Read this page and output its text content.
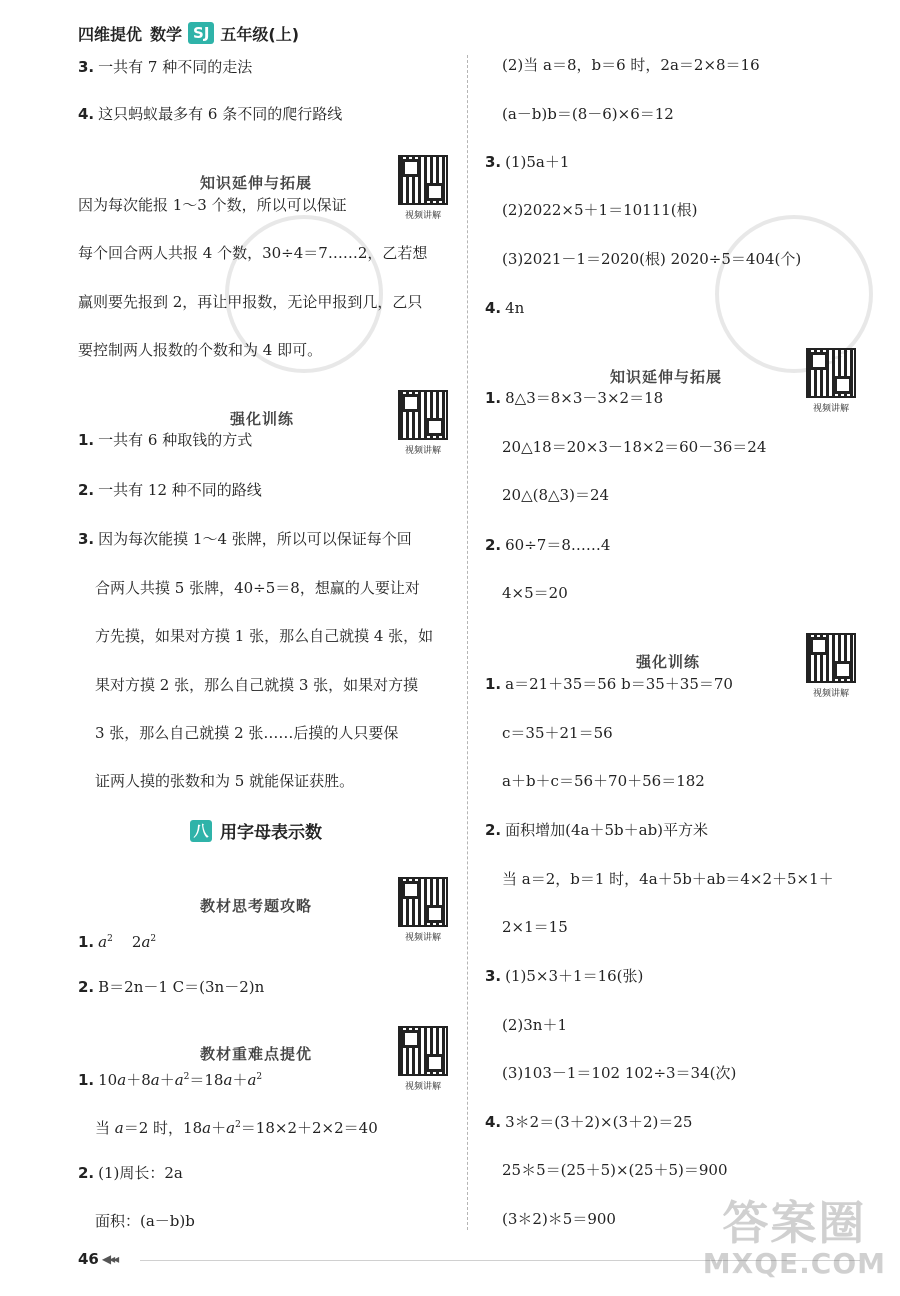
四维提优 数学 SJ 五年级(上)
3. 一共有 7 种不同的走法
4. 这只蚂蚁最多有 6 条不同的爬行路线
知识延伸与拓展
视频讲解
因为每次能报 1～3 个数，所以可以保证
每个回合两人共报 4 个数，30÷4＝7……2，乙若想
赢则要先报到 2，再让甲报数，无论甲报到几，乙只
要控制两人报数的个数和为 4 即可。
强化训练
视频讲解
1. 一共有 6 种取钱的方式
2. 一共有 12 种不同的路线
3. 因为每次能摸 1～4 张牌，所以可以保证每个回
合两人共摸 5 张牌，40÷5＝8，想赢的人要让对
方先摸，如果对方摸 1 张，那么自己就摸 4 张，如
果对方摸 2 张，那么自己就摸 3 张，如果对方摸
3 张，那么自己就摸 2 张……后摸的人只要保
证两人摸的张数和为 5 就能保证获胜。
八 用字母表示数
教材思考题攻略
视频讲解
1. $a^2$    $2a^2$
2. B＝2n－1 C＝(3n－2)n
教材重难点提优
视频讲解
1. $10a+8a+a^2=18a+a^2$
当 a＝2 时，$18a+a^2=18\times 2+2\times 2=40$
2. (1)周长：2a
面积：(a－b)b
(2)当 a＝8，b＝6 时，2a＝2×8＝16
(a－b)b＝(8－6)×6＝12
3. (1)5a＋1
(2)2022×5＋1＝10111(根)
(3)2021－1＝2020(根) 2020÷5＝404(个)
4. 4n
知识延伸与拓展
视频讲解
1. 8△3＝8×3－3×2＝18
20△18＝20×3－18×2＝60－36＝24
20△(8△3)＝24
2. 60÷7＝8……4
4×5＝20
强化训练
视频讲解
1. a＝21＋35＝56 b＝35＋35＝70
c＝35＋21＝56
a＋b＋c＝56＋70＋56＝182
2. 面积增加(4a＋5b＋ab)平方米
当 a＝2，b＝1 时，4a＋5b＋ab＝4×2＋5×1＋
2×1＝15
3. (1)5×3＋1＝16(张)
(2)3n＋1
(3)103－1＝102 102÷3＝34(次)
4. 3＊2＝(3＋2)×(3＋2)＝25
25＊5＝(25＋5)×(25＋5)＝900
(3＊2)＊5＝900
46 ◀◂◂
答案圈
MXQE.COM
